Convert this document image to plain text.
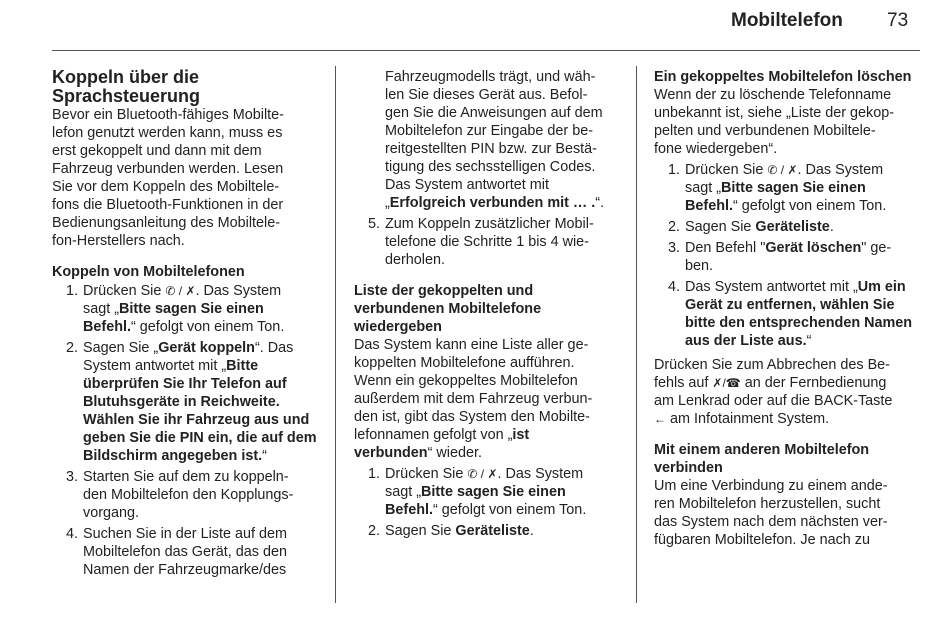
Mobiltelefon 73
Koppeln über die
Sprachsteuerung
Bevor ein Bluetooth-fähiges Mobilte-
lefon genutzt werden kann, muss es
erst gekoppelt und dann mit dem
Fahrzeug verbunden werden. Lesen
Sie vor dem Koppeln des Mobiltele-
fons die Bluetooth-Funktionen in der
Bedienungsanleitung des Mobiltele-
fon-Herstellers nach.
Koppeln von Mobiltelefonen
1. Drücken Sie ✆ / ✗. Das System
sagt „Bitte sagen Sie einen
Befehl.“ gefolgt von einem Ton.
2. Sagen Sie „Gerät koppeln“. Das
System antwortet mit „Bitte
überprüfen Sie Ihr Telefon auf
Blutuhsgeräte in Reichweite.
Wählen Sie ihr Fahrzeug aus und
geben Sie die PIN ein, die auf dem
Bildschirm angegeben ist.“
3. Starten Sie auf dem zu koppeln-
den Mobiltelefon den Kopplungs-
vorgang.
4. Suchen Sie in der Liste auf dem
Mobiltelefon das Gerät, das den
Namen der Fahrzeugmarke/des
Fahrzeugmodells trägt, und wäh-
len Sie dieses Gerät aus. Befol-
gen Sie die Anweisungen auf dem
Mobiltelefon zur Eingabe der be-
reitgestellten PIN bzw. zur Bestä-
tigung des sechsstelligen Codes.
Das System antwortet mit
„Erfolgreich verbunden mit … .“.
5. Zum Koppeln zusätzlicher Mobil-
telefone die Schritte 1 bis 4 wie-
derholen.
Liste der gekoppelten und
verbundenen Mobiltelefone
wiedergeben
Das System kann eine Liste aller ge-
koppelten Mobiltelefone aufführen.
Wenn ein gekoppeltes Mobiltelefon
außerdem mit dem Fahrzeug verbun-
den ist, gibt das System den Mobilte-
lefonnamen gefolgt von „ist
verbunden“ wieder.
1. Drücken Sie ✆ / ✗. Das System
sagt „Bitte sagen Sie einen
Befehl.“ gefolgt von einem Ton.
2. Sagen Sie Geräteliste.
Ein gekoppeltes Mobiltelefon löschen
Wenn der zu löschende Telefonname
unbekannt ist, siehe „Liste der gekop-
pelten und verbundenen Mobiltele-
fone wiedergeben“.
1. Drücken Sie ✆ / ✗. Das System
sagt „Bitte sagen Sie einen
Befehl.“ gefolgt von einem Ton.
2. Sagen Sie Geräteliste.
3. Den Befehl "Gerät löschen" ge-
ben.
4. Das System antwortet mit „Um ein
Gerät zu entfernen, wählen Sie
bitte den entsprechenden Namen
aus der Liste aus.“
Drücken Sie zum Abbrechen des Be-
fehls auf ✗/☎ an der Fernbedienung
am Lenkrad oder auf die BACK-Taste
← am Infotainment System.
Mit einem anderen Mobiltelefon
verbinden
Um eine Verbindung zu einem ande-
ren Mobiltelefon herzustellen, sucht
das System nach dem nächsten ver-
fügbaren Mobiltelefon. Je nach zu
